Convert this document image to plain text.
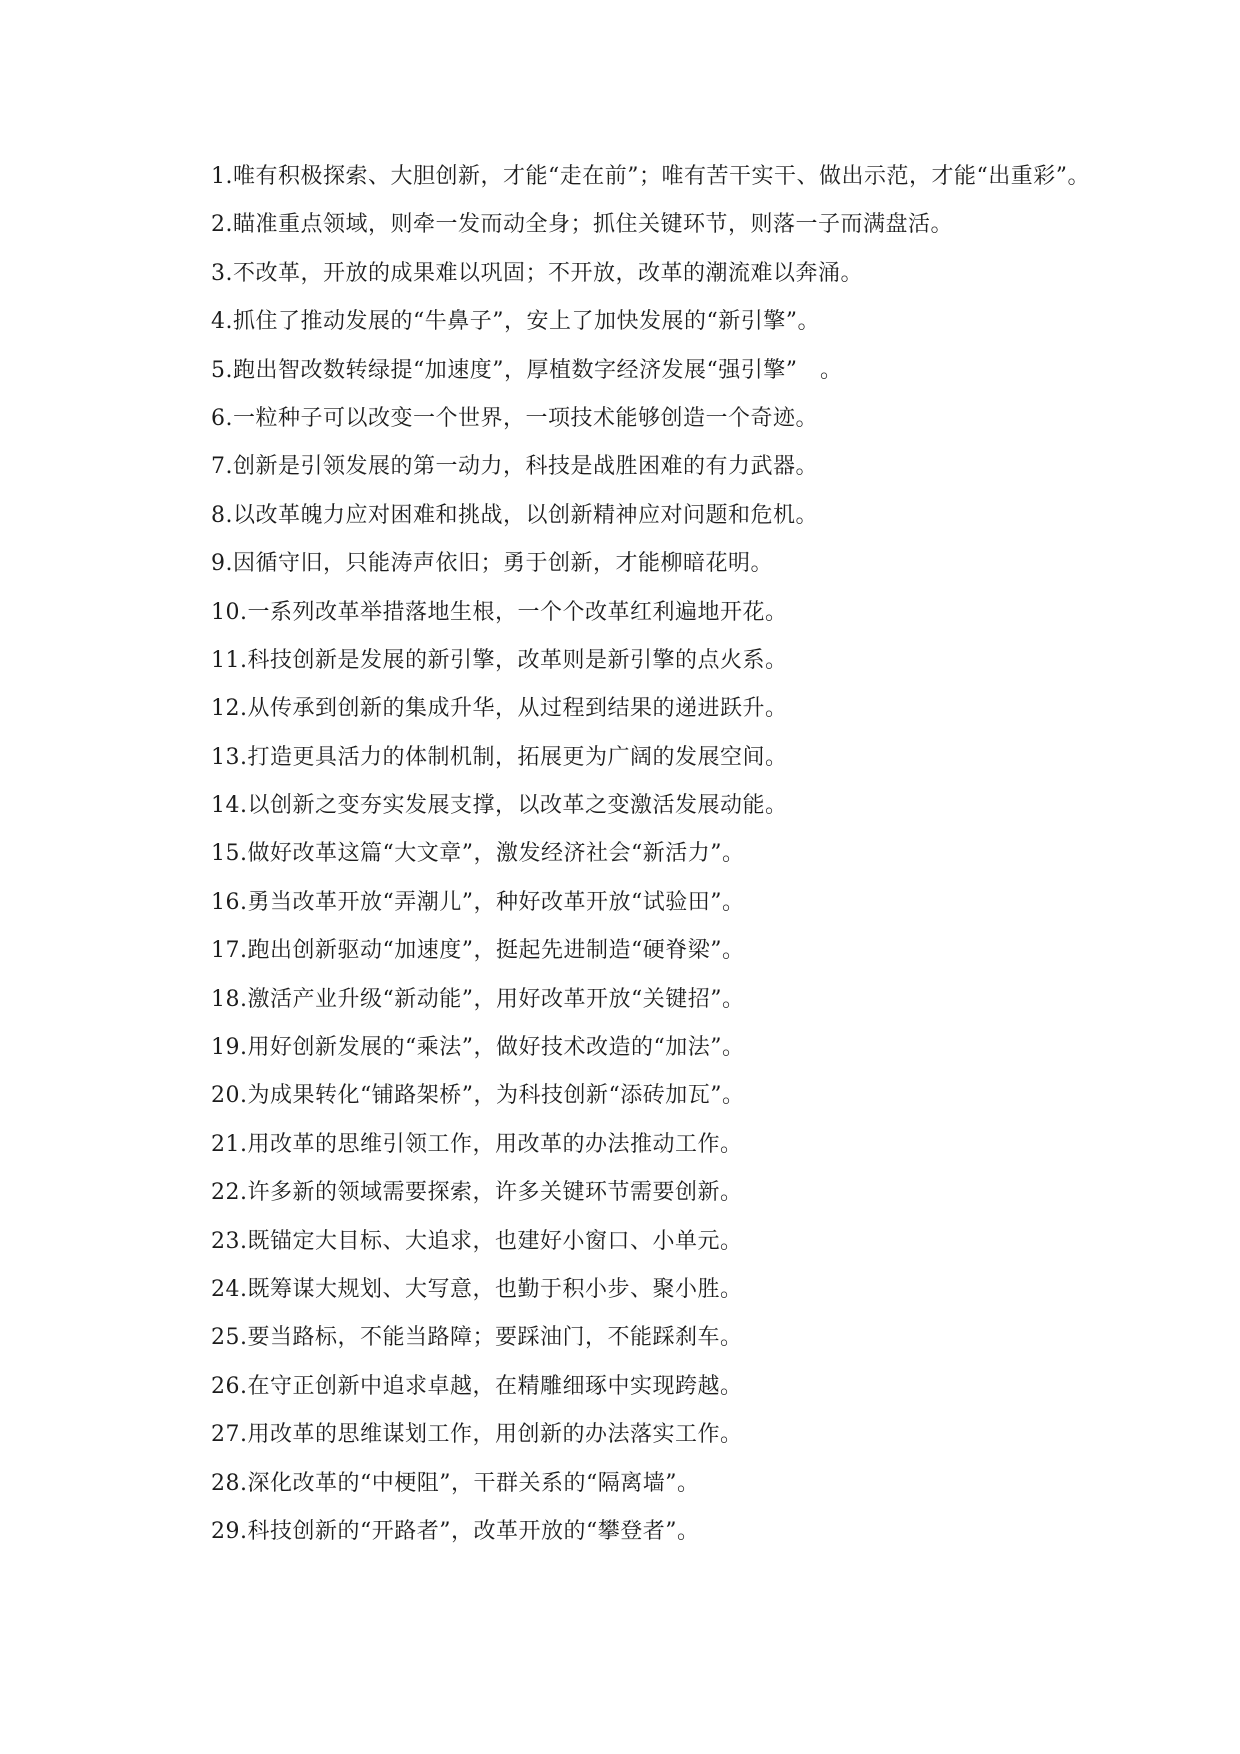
1.唯有积极探索、大胆创新，才能“走在前”；唯有苦干实干、做出示范，才能“出重彩”。

2.瞄准重点领域，则牵一发而动全身；抓住关键环节，则落一子而满盘活。

3.不改革，开放的成果难以巩固；不开放，改革的潮流难以奔涌。

4.抓住了推动发展的“牛鼻子”，安上了加快发展的“新引擎”。

5.跑出智改数转绿提“加速度”，厚植数字经济发展“强引擎”　。

6.一粒种子可以改变一个世界，一项技术能够创造一个奇迹。

7.创新是引领发展的第一动力，科技是战胜困难的有力武器。

8.以改革魄力应对困难和挑战，以创新精神应对问题和危机。

9.因循守旧，只能涛声依旧；勇于创新，才能柳暗花明。

10.一系列改革举措落地生根，一个个改革红利遍地开花。

11.科技创新是发展的新引擎，改革则是新引擎的点火系。

12.从传承到创新的集成升华，从过程到结果的递进跃升。

13.打造更具活力的体制机制，拓展更为广阔的发展空间。

14.以创新之变夯实发展支撑，以改革之变激活发展动能。

15.做好改革这篇“大文章”，激发经济社会“新活力”。

16.勇当改革开放“弄潮儿”，种好改革开放“试验田”。

17.跑出创新驱动“加速度”，挺起先进制造“硬脊梁”。

18.激活产业升级“新动能”，用好改革开放“关键招”。

19.用好创新发展的“乘法”，做好技术改造的“加法”。

20.为成果转化“铺路架桥”，为科技创新“添砖加瓦”。

21.用改革的思维引领工作，用改革的办法推动工作。

22.许多新的领域需要探索，许多关键环节需要创新。

23.既锚定大目标、大追求，也建好小窗口、小单元。

24.既筹谋大规划、大写意，也勤于积小步、聚小胜。

25.要当路标，不能当路障；要踩油门，不能踩刹车。

26.在守正创新中追求卓越，在精雕细琢中实现跨越。

27.用改革的思维谋划工作，用创新的办法落实工作。

28.深化改革的“中梗阻”，干群关系的“隔离墙”。

29.科技创新的“开路者”，改革开放的“攀登者”。
